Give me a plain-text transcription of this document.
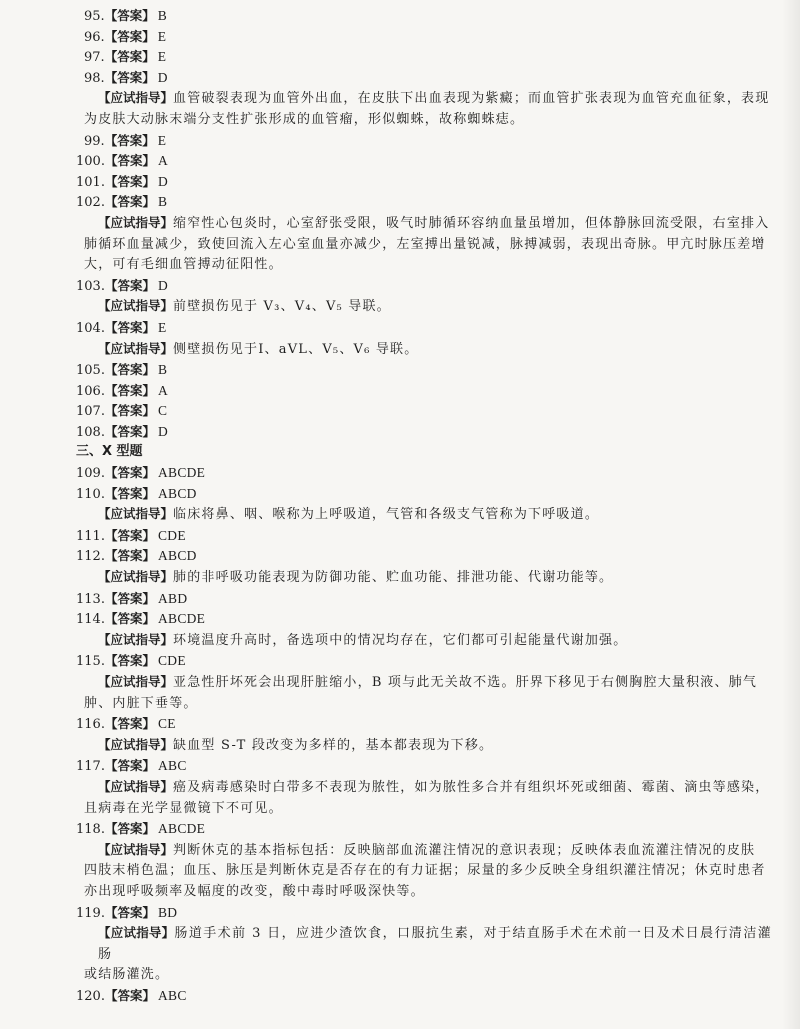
95.【答案】 B
96.【答案】 E
97.【答案】 E
98.【答案】 D

【应试指导】血管破裂表现为血管外出血，在皮肤下出血表现为紫癜；而血管扩张表现为血管充血征象，表现

为皮肤大动脉末端分支性扩张形成的血管瘤，形似蜘蛛，故称蜘蛛痣。

99.【答案】 E
100.【答案】 A
101.【答案】 D
102.【答案】 B

【应试指导】缩窄性心包炎时，心室舒张受限，吸气时肺循环容纳血量虽增加，但体静脉回流受限，右室排入

肺循环血量减少，致使回流入左心室血量亦减少，左室搏出量锐减，脉搏减弱，表现出奇脉。甲亢时脉压差增

大，可有毛细血管搏动征阳性。

103.【答案】 D

【应试指导】前壁损伤见于 V₃、V₄、V₅ 导联。

104.【答案】 E

【应试指导】侧壁损伤见于Ⅰ、aVL、V₅、V₆ 导联。

105.【答案】 B
106.【答案】 A
107.【答案】 C
108.【答案】 D
三、X 型题
109.【答案】 ABCDE
110.【答案】 ABCD

【应试指导】临床将鼻、咽、喉称为上呼吸道，气管和各级支气管称为下呼吸道。

111.【答案】 CDE
112.【答案】 ABCD

【应试指导】肺的非呼吸功能表现为防御功能、贮血功能、排泄功能、代谢功能等。

113.【答案】 ABD
114.【答案】 ABCDE

【应试指导】环境温度升高时，备选项中的情况均存在，它们都可引起能量代谢加强。

115.【答案】 CDE

【应试指导】亚急性肝坏死会出现肝脏缩小，B 项与此无关故不选。肝界下移见于右侧胸腔大量积液、肺气

肿、内脏下垂等。

116.【答案】 CE

【应试指导】缺血型 S-T 段改变为多样的，基本都表现为下移。

117.【答案】 ABC

【应试指导】癌及病毒感染时白带多不表现为脓性，如为脓性多合并有组织坏死或细菌、霉菌、滴虫等感染，

且病毒在光学显微镜下不可见。

118.【答案】 ABCDE

【应试指导】判断休克的基本指标包括：反映脑部血流灌注情况的意识表现；反映体表血流灌注情况的皮肤

四肢末梢色温；血压、脉压是判断休克是否存在的有力证据；尿量的多少反映全身组织灌注情况；休克时患者

亦出现呼吸频率及幅度的改变，酸中毒时呼吸深快等。

119.【答案】 BD

【应试指导】肠道手术前 3 日，应进少渣饮食，口服抗生素，对于结直肠手术在术前一日及术日晨行清洁灌肠

或结肠灌洗。

120.【答案】 ABC
